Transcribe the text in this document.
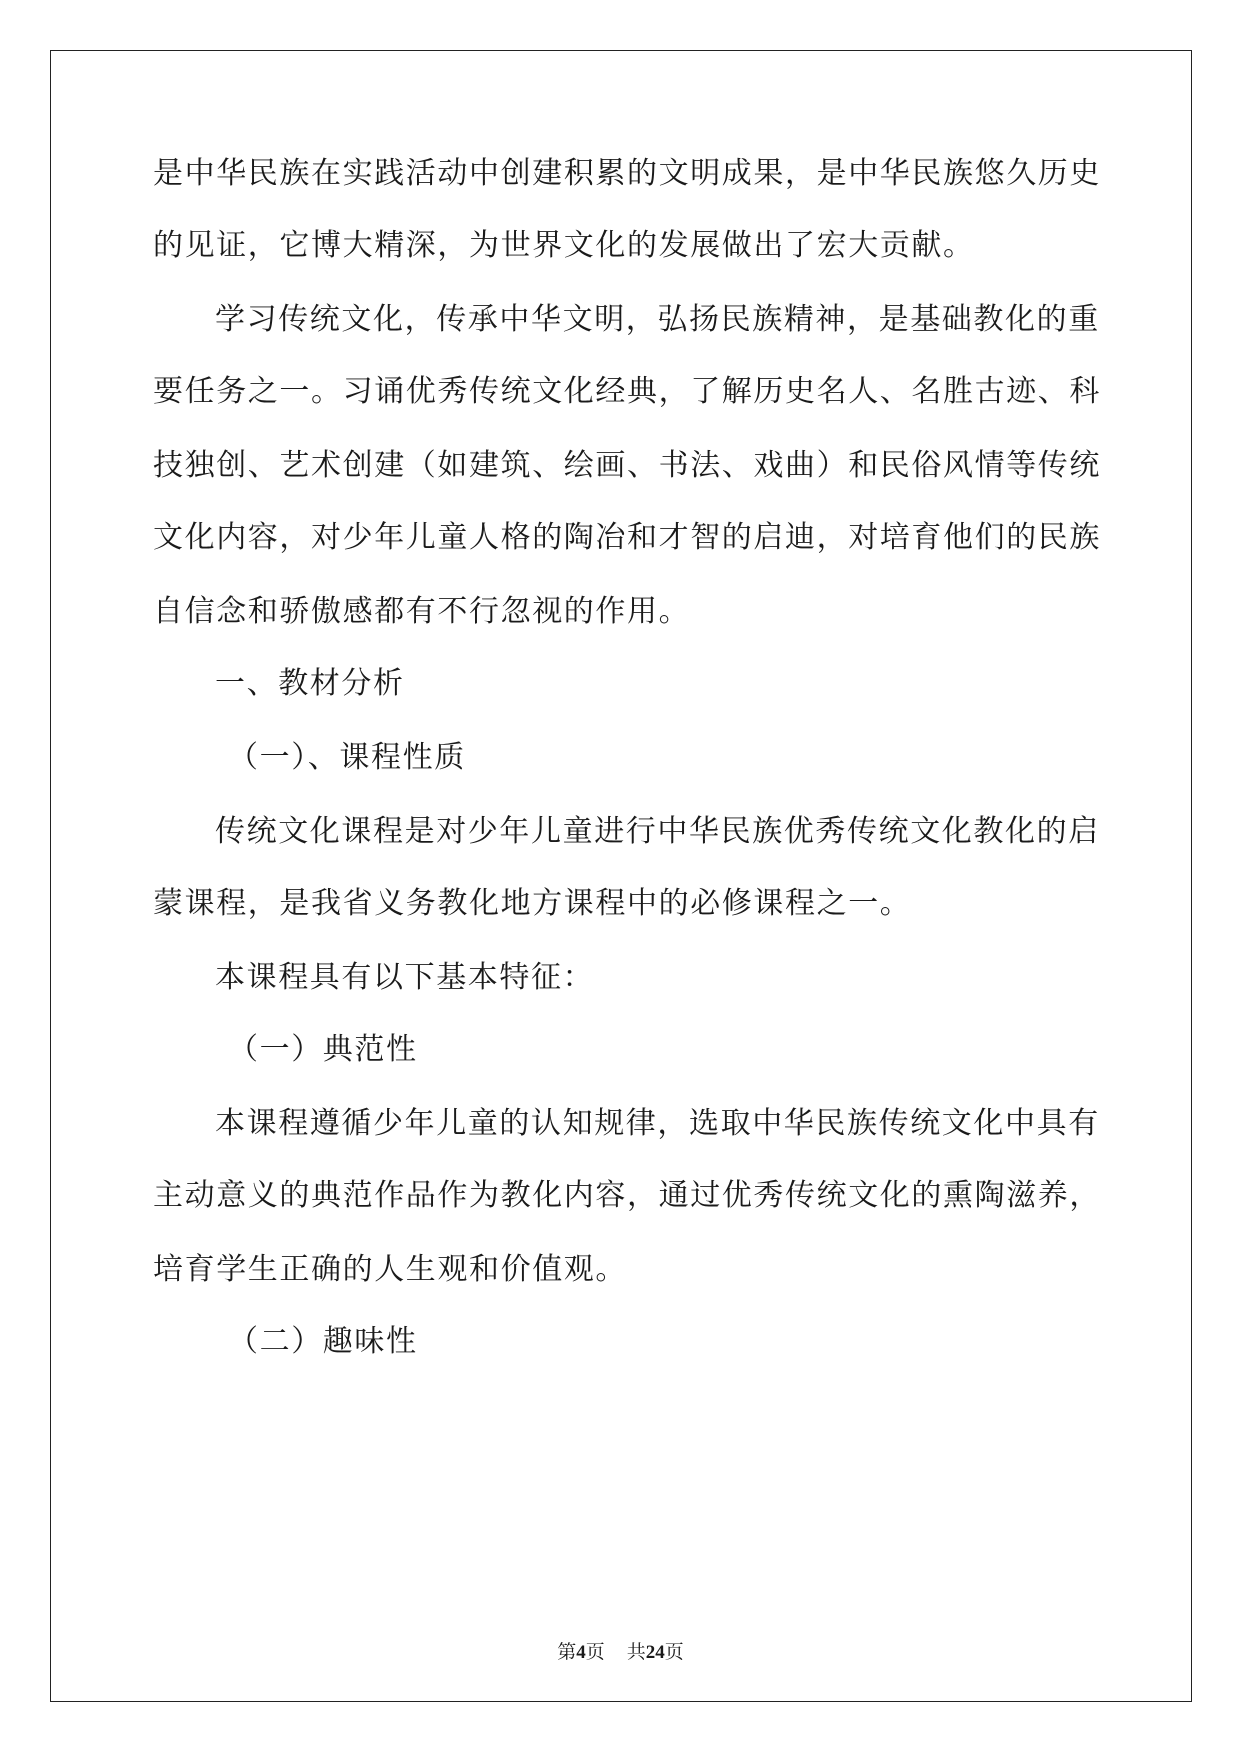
是中华民族在实践活动中创建积累的文明成果，是中华民族悠久历史
的见证，它博大精深，为世界文化的发展做出了宏大贡献。
学习传统文化，传承中华文明，弘扬民族精神，是基础教化的重
要任务之一。习诵优秀传统文化经典，了解历史名人、名胜古迹、科
技独创、艺术创建（如建筑、绘画、书法、戏曲）和民俗风情等传统
文化内容，对少年儿童人格的陶冶和才智的启迪，对培育他们的民族
自信念和骄傲感都有不行忽视的作用。
一、教材分析
（一）、课程性质
传统文化课程是对少年儿童进行中华民族优秀传统文化教化的启
蒙课程，是我省义务教化地方课程中的必修课程之一。
本课程具有以下基本特征：
（一）典范性
本课程遵循少年儿童的认知规律，选取中华民族传统文化中具有
主动意义的典范作品作为教化内容，通过优秀传统文化的熏陶滋养，
培育学生正确的人生观和价值观。
（二）趣味性
第4页 共24页
